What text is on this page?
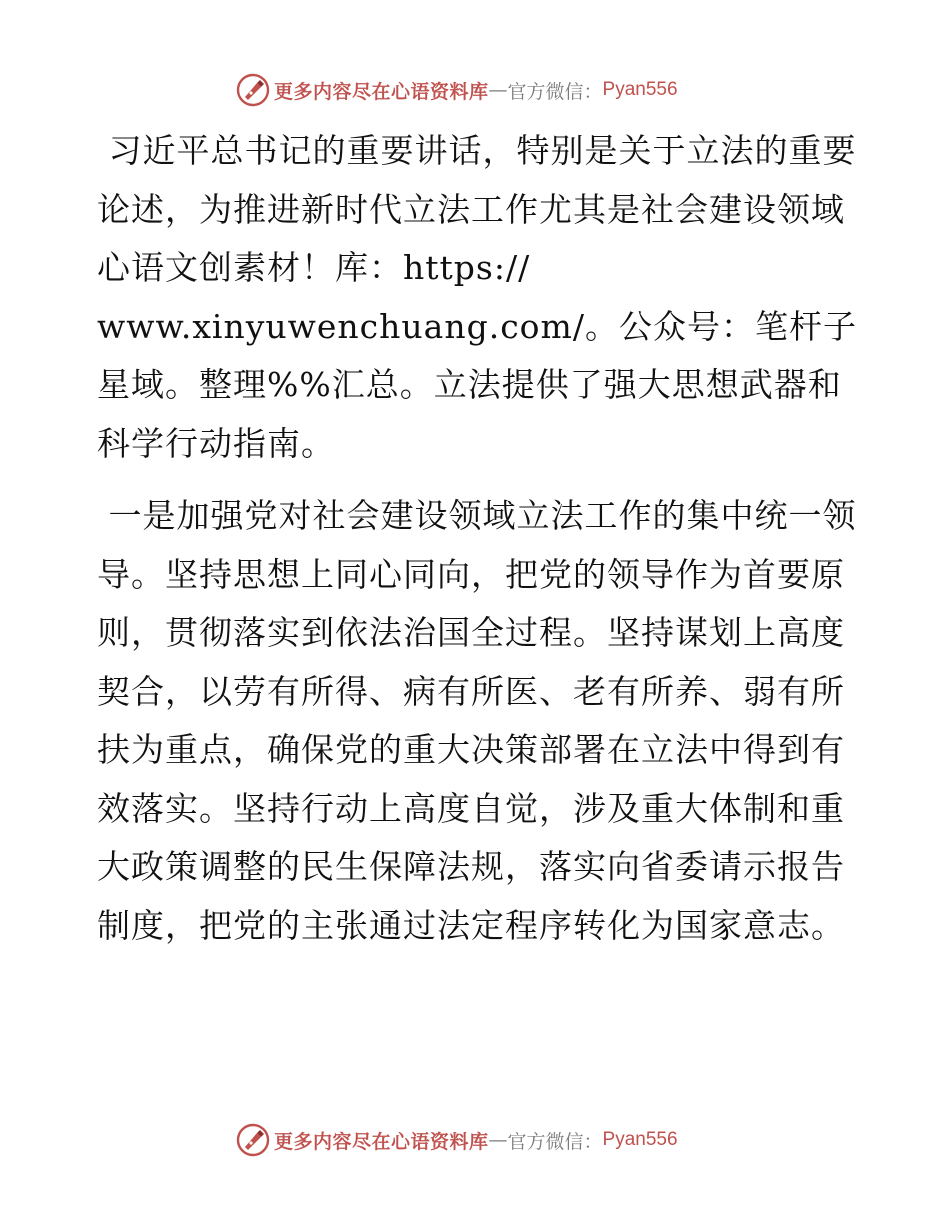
更多内容尽在心语资料库 — 官方微信： Pyan556

习近平总书记的重要讲话，特别是关于立法的重要论述，为推进新时代立法工作尤其是社会建设领域心语文创素材！库：https://
www.xinyuwenchuang.com/。公众号：笔杆子星域。整理%%汇总。立法提供了强大思想武器和科学行动指南。

一是加强党对社会建设领域立法工作的集中统一领导。坚持思想上同心同向，把党的领导作为首要原则，贯彻落实到依法治国全过程。坚持谋划上高度契合，以劳有所得、病有所医、老有所养、弱有所扶为重点，确保党的重大决策部署在立法中得到有效落实。坚持行动上高度自觉，涉及重大体制和重大政策调整的民生保障法规，落实向省委请示报告制度，把党的主张通过法定程序转化为国家意志。

更多内容尽在心语资料库 — 官方微信： Pyan556
